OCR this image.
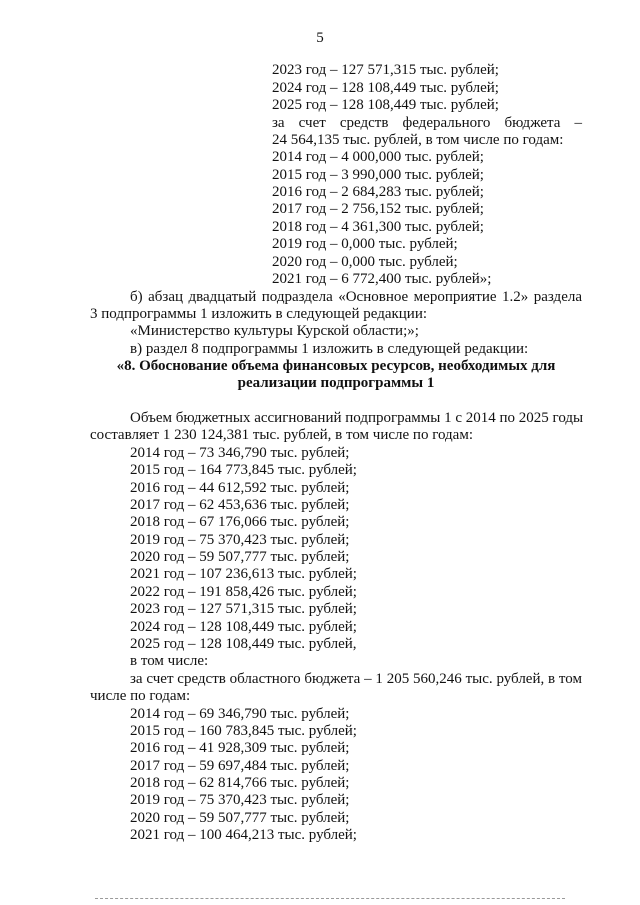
5
2023 год – 127 571,315 тыс. рублей;
2024 год – 128 108,449 тыс. рублей;
2025 год – 128 108,449 тыс. рублей;
за счет средств федерального бюджета –
24 564,135 тыс. рублей, в том числе по годам:
2014 год – 4 000,000 тыс. рублей;
2015 год – 3 990,000 тыс. рублей;
2016 год – 2 684,283 тыс. рублей;
2017 год – 2 756,152 тыс. рублей;
2018 год – 4 361,300 тыс. рублей;
2019 год – 0,000 тыс. рублей;
2020 год – 0,000 тыс. рублей;
2021 год – 6 772,400 тыс. рублей»;
б) абзац двадцатый подраздела «Основное мероприятие 1.2» раздела
3 подпрограммы 1 изложить в следующей редакции:
«Министерство культуры Курской области;»;
в) раздел 8 подпрограммы 1 изложить в следующей редакции:
«8. Обоснование объема финансовых ресурсов, необходимых для
реализации подпрограммы 1
Объем бюджетных ассигнований подпрограммы 1 с 2014 по 2025 годы
составляет 1 230 124,381 тыс. рублей, в том числе по годам:
2014 год – 73 346,790 тыс. рублей;
2015 год – 164 773,845 тыс. рублей;
2016 год – 44 612,592 тыс. рублей;
2017 год – 62 453,636 тыс. рублей;
2018 год – 67 176,066 тыс. рублей;
2019 год – 75 370,423 тыс. рублей;
2020 год – 59 507,777 тыс. рублей;
2021 год – 107 236,613 тыс. рублей;
2022 год – 191 858,426 тыс. рублей;
2023 год – 127 571,315 тыс. рублей;
2024 год – 128 108,449 тыс. рублей;
2025 год – 128 108,449 тыс. рублей,
в том числе:
за счет средств областного бюджета – 1 205 560,246 тыс. рублей, в том
числе по годам:
2014 год – 69 346,790 тыс. рублей;
2015 год – 160 783,845 тыс. рублей;
2016 год – 41 928,309 тыс. рублей;
2017 год – 59 697,484 тыс. рублей;
2018 год – 62 814,766 тыс. рублей;
2019 год – 75 370,423 тыс. рублей;
2020 год – 59 507,777 тыс. рублей;
2021 год – 100 464,213 тыс. рублей;
